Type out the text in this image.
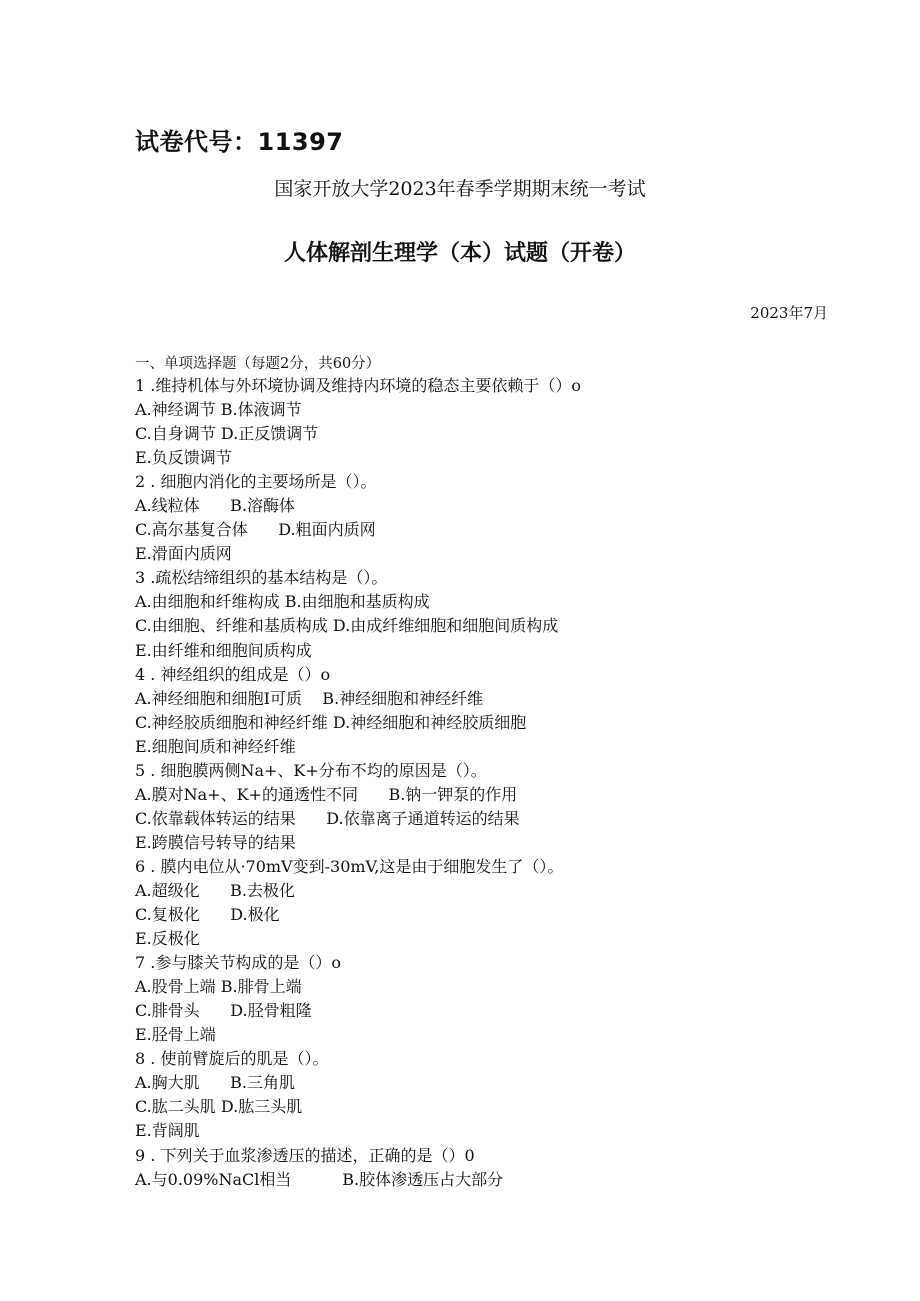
试卷代号：11397
国家开放大学2023年春季学期期末统一考试
人体解剖生理学（本）试题（开卷）
2023年7月
一、单项选择题（每题2分，共60分）
1 .维持机体与外环境协调及维持内环境的稳态主要依赖于（）o
A.神经调节 B.体液调节
C.自身调节 D.正反馈调节
E.负反馈调节
2 . 细胞内消化的主要场所是（）。
A.线粒体      B.溶酶体
C.高尔基复合体      D.粗面内质网
E.滑面内质网
3 .疏松结缔组织的基本结构是（）。
A.由细胞和纤维构成 B.由细胞和基质构成
C.由细胞、纤维和基质构成 D.由成纤维细胞和细胞间质构成
E.由纤维和细胞间质构成
4 . 神经组织的组成是（）o
A.神经细胞和细胞I可质    B.神经细胞和神经纤维
C.神经胶质细胞和神经纤维 D.神经细胞和神经胶质细胞
E.细胞间质和神经纤维
5 . 细胞膜两侧Na+、K+分布不均的原因是（）。
A.膜对Na+、K+的通透性不同      B.钠一钾泵的作用
C.依靠载体转运的结果      D.依靠离子通道转运的结果
E.跨膜信号转导的结果
6 . 膜内电位从·70mV变到-30mV,这是由于细胞发生了（）。
A.超级化      B.去极化
C.复极化      D.极化
E.反极化
7 .参与膝关节构成的是（）o
A.股骨上端 B.腓骨上端
C.腓骨头      D.胫骨粗隆
E.胫骨上端
8 . 使前臂旋后的肌是（）。
A.胸大肌      B.三角肌
C.肱二头肌 D.肱三头肌
E.背阔肌
9 . 下列关于血浆渗透压的描述，正确的是（）0
A.与0.09%NaCl相当          B.胶体渗透压占大部分
